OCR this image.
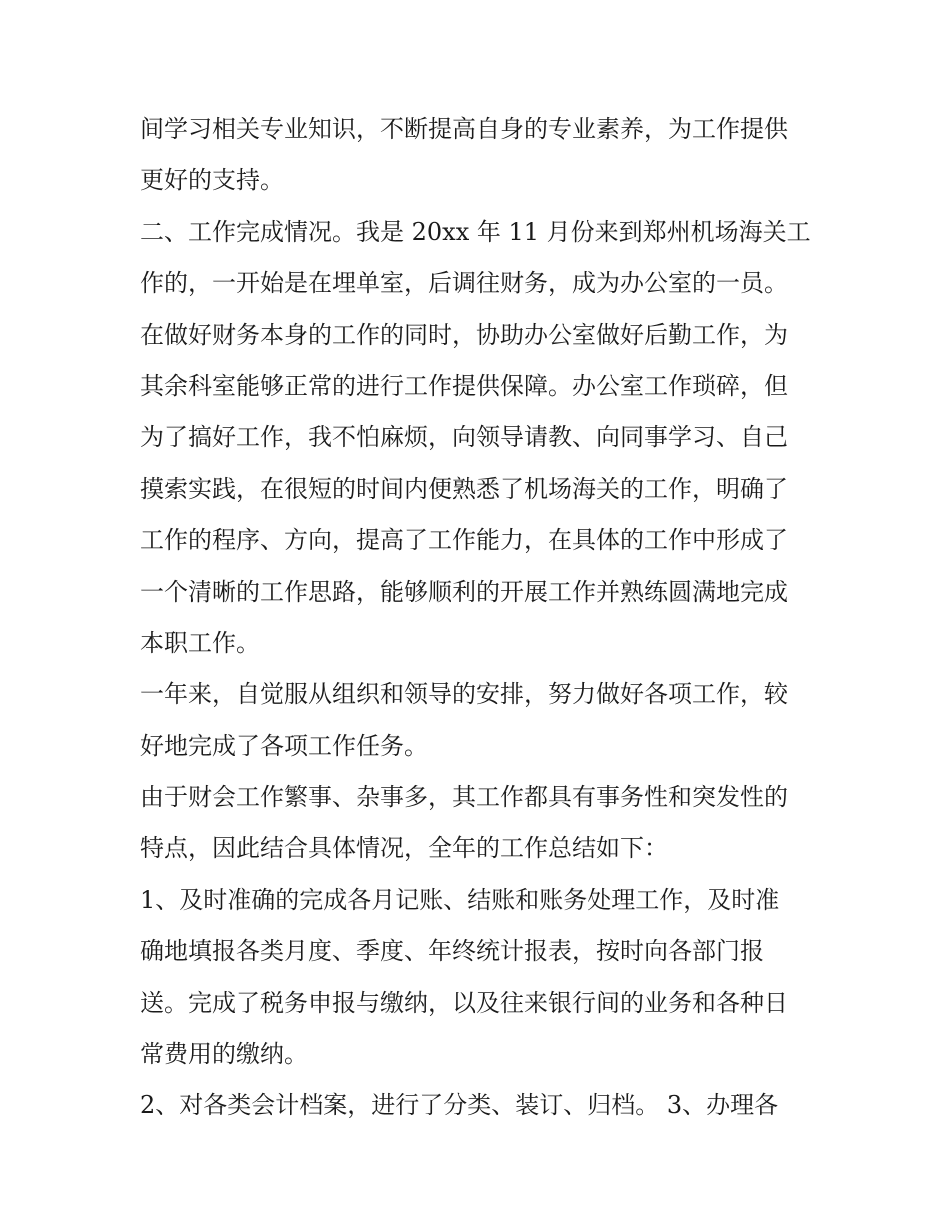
间学习相关专业知识，不断提高自身的专业素养，为工作提供
更好的支持。
二、工作完成情况。我是 20xx 年 11 月份来到郑州机场海关工
作的，一开始是在埋单室，后调往财务，成为办公室的一员。
在做好财务本身的工作的同时，协助办公室做好后勤工作，为
其余科室能够正常的进行工作提供保障。办公室工作琐碎，但
为了搞好工作，我不怕麻烦，向领导请教、向同事学习、自己
摸索实践，在很短的时间内便熟悉了机场海关的工作，明确了
工作的程序、方向，提高了工作能力，在具体的工作中形成了
一个清晰的工作思路，能够顺利的开展工作并熟练圆满地完成
本职工作。
一年来，自觉服从组织和领导的安排，努力做好各项工作，较
好地完成了各项工作任务。
由于财会工作繁事、杂事多，其工作都具有事务性和突发性的
特点，因此结合具体情况，全年的工作总结如下：
1、及时准确的完成各月记账、结账和账务处理工作，及时准
确地填报各类月度、季度、年终统计报表，按时向各部门报
送。完成了税务申报与缴纳，以及往来银行间的业务和各种日
常费用的缴纳。
2、对各类会计档案，进行了分类、装订、归档。 3、办理各
